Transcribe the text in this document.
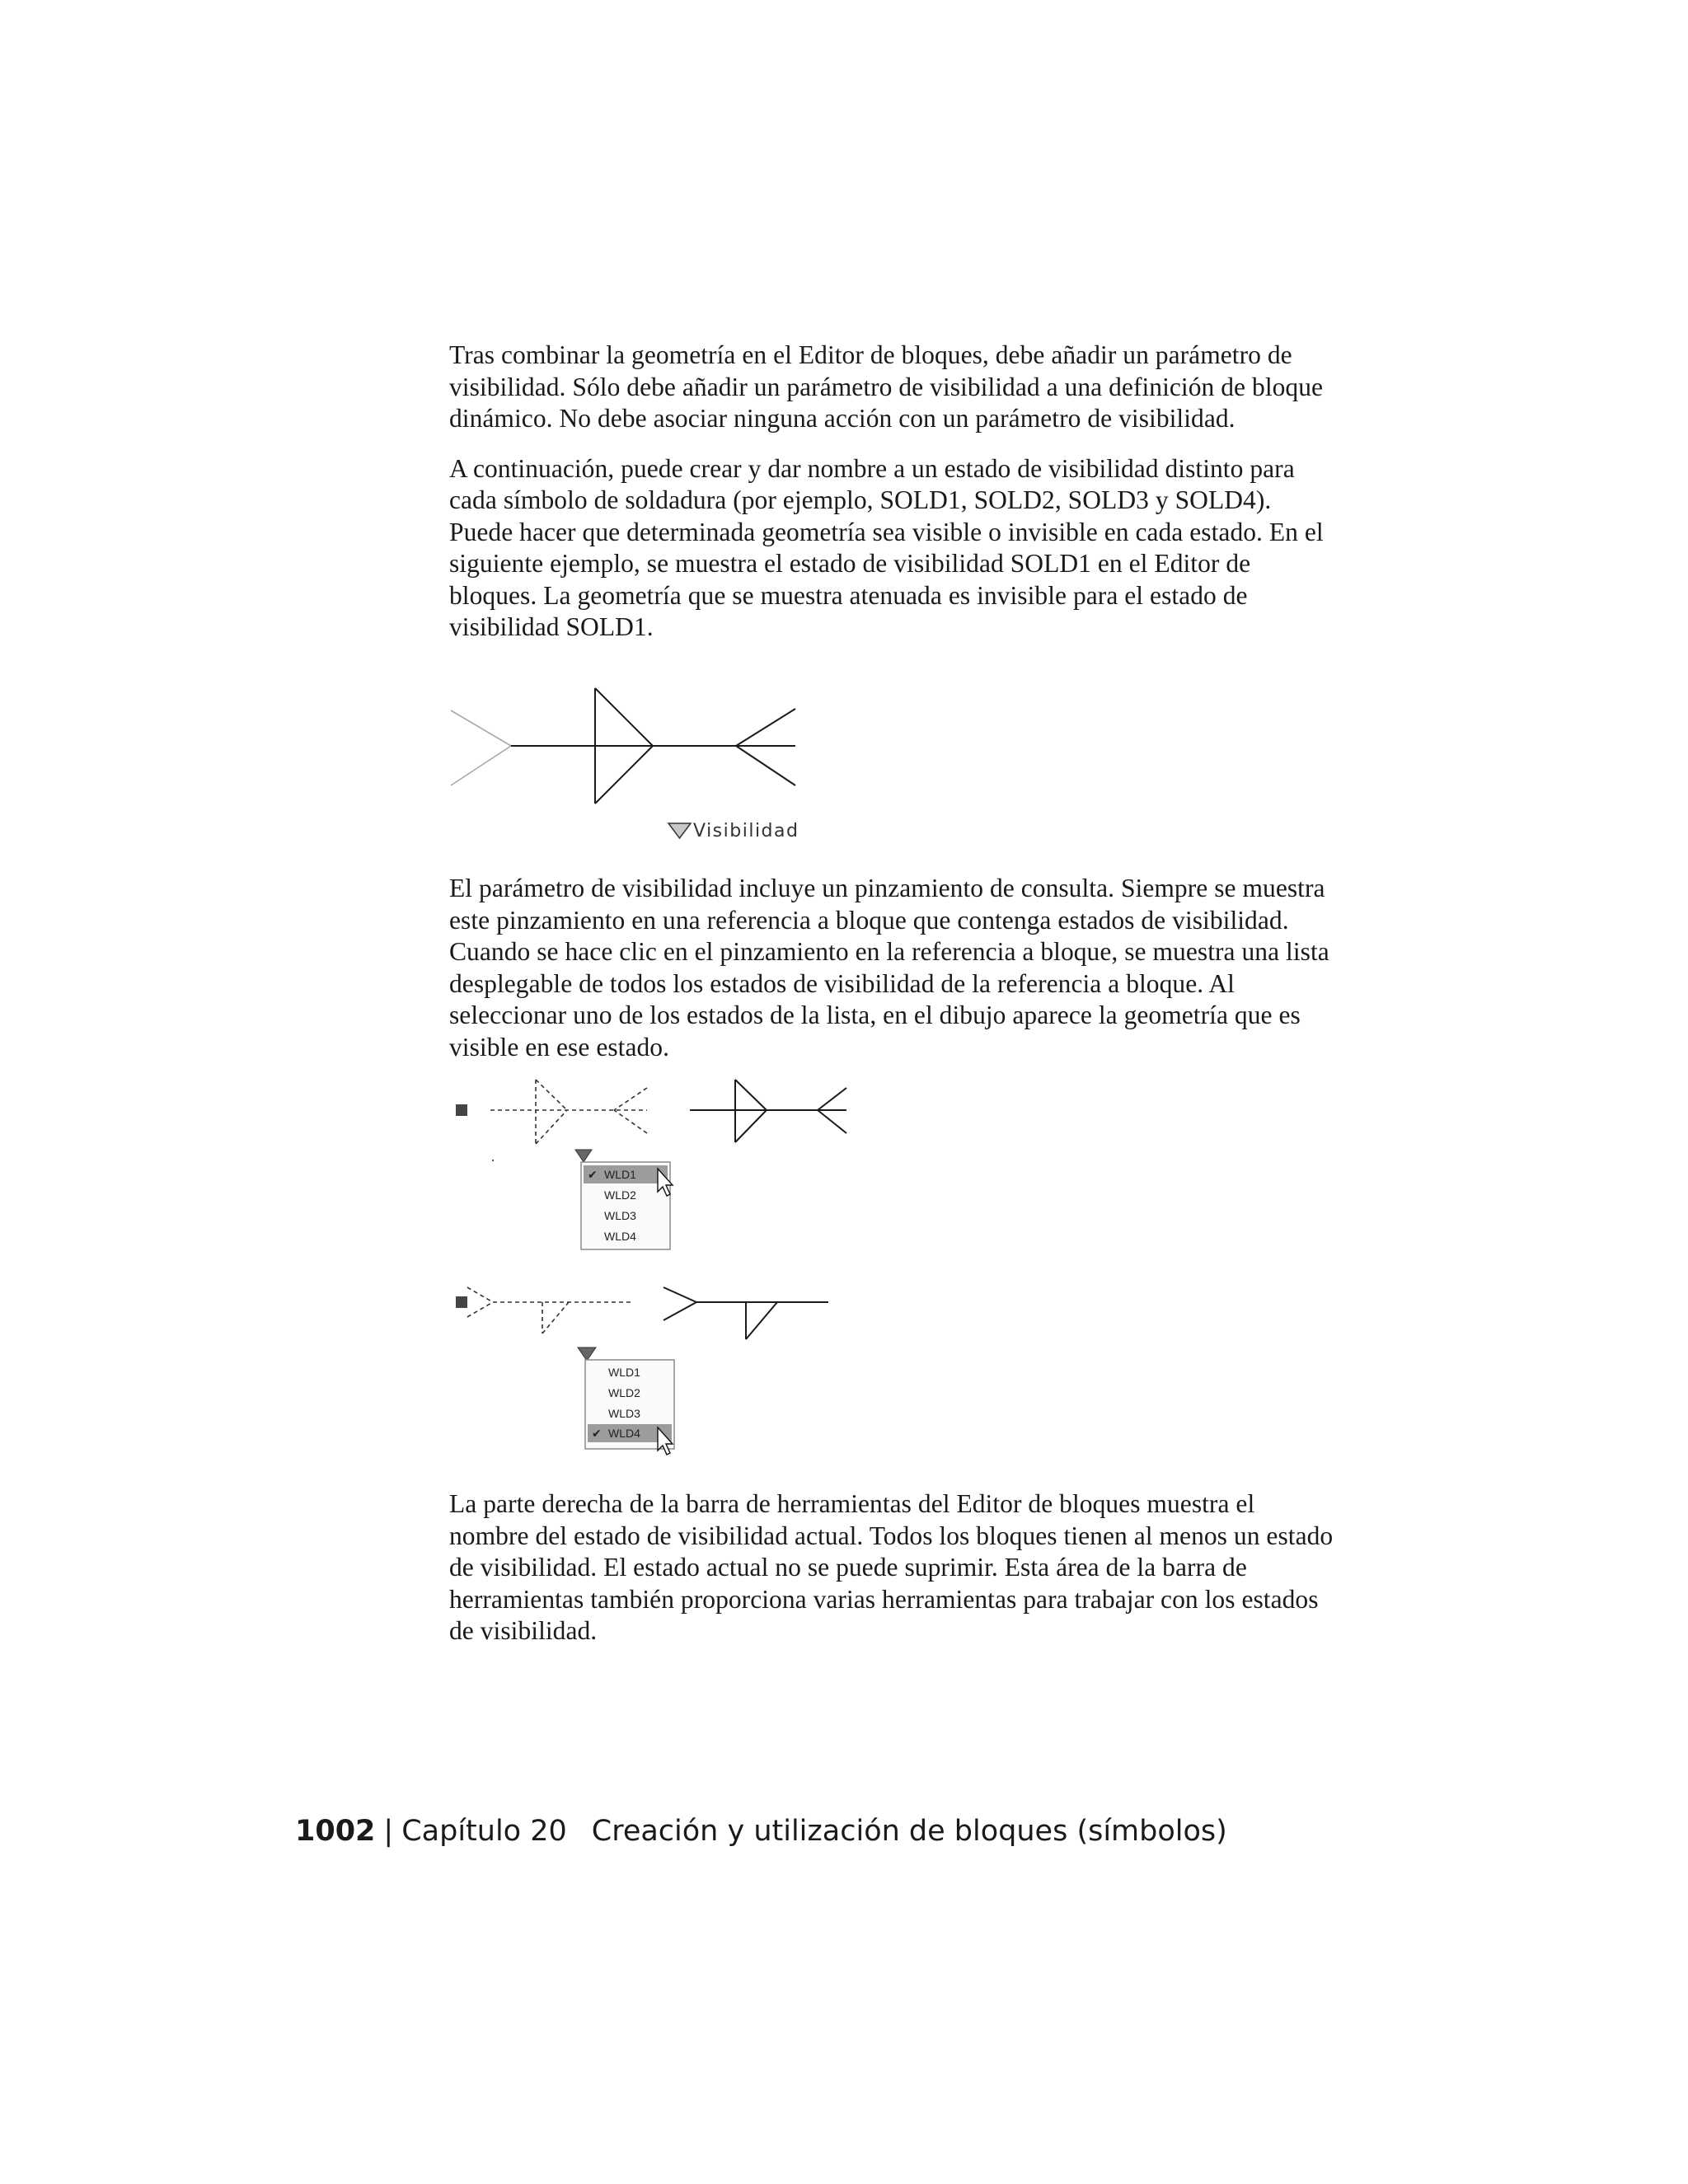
Tras combinar la geometría en el Editor de bloques, debe añadir un parámetro de visibilidad. Sólo debe añadir un parámetro de visibilidad a una definición de bloque dinámico. No debe asociar ninguna acción con un parámetro de visibilidad.

A continuación, puede crear y dar nombre a un estado de visibilidad distinto para cada símbolo de soldadura (por ejemplo, SOLD1, SOLD2, SOLD3 y SOLD4). Puede hacer que determinada geometría sea visible o invisible en cada estado. En el siguiente ejemplo, se muestra el estado de visibilidad SOLD1 en el Editor de bloques. La geometría que se muestra atenuada es invisible para el estado de visibilidad SOLD1.

Visibilidad

El parámetro de visibilidad incluye un pinzamiento de consulta. Siempre se muestra este pinzamiento en una referencia a bloque que contenga estados de visibilidad. Cuando se hace clic en el pinzamiento en la referencia a bloque, se muestra una lista desplegable de todos los estados de visibilidad de la referencia a bloque. Al seleccionar uno de los estados de la lista, en el dibujo aparece la geometría que es visible en ese estado.

✔ WLD1
WLD2
WLD3
WLD4
WLD1
WLD2
WLD3
✔ WLD4

La parte derecha de la barra de herramientas del Editor de bloques muestra el nombre del estado de visibilidad actual. Todos los bloques tienen al menos un estado de visibilidad. El estado actual no se puede suprimir. Esta área de la barra de herramientas también proporciona varias herramientas para trabajar con los estados de visibilidad.

1002 | Capítulo 20 Creación y utilización de bloques (símbolos)
